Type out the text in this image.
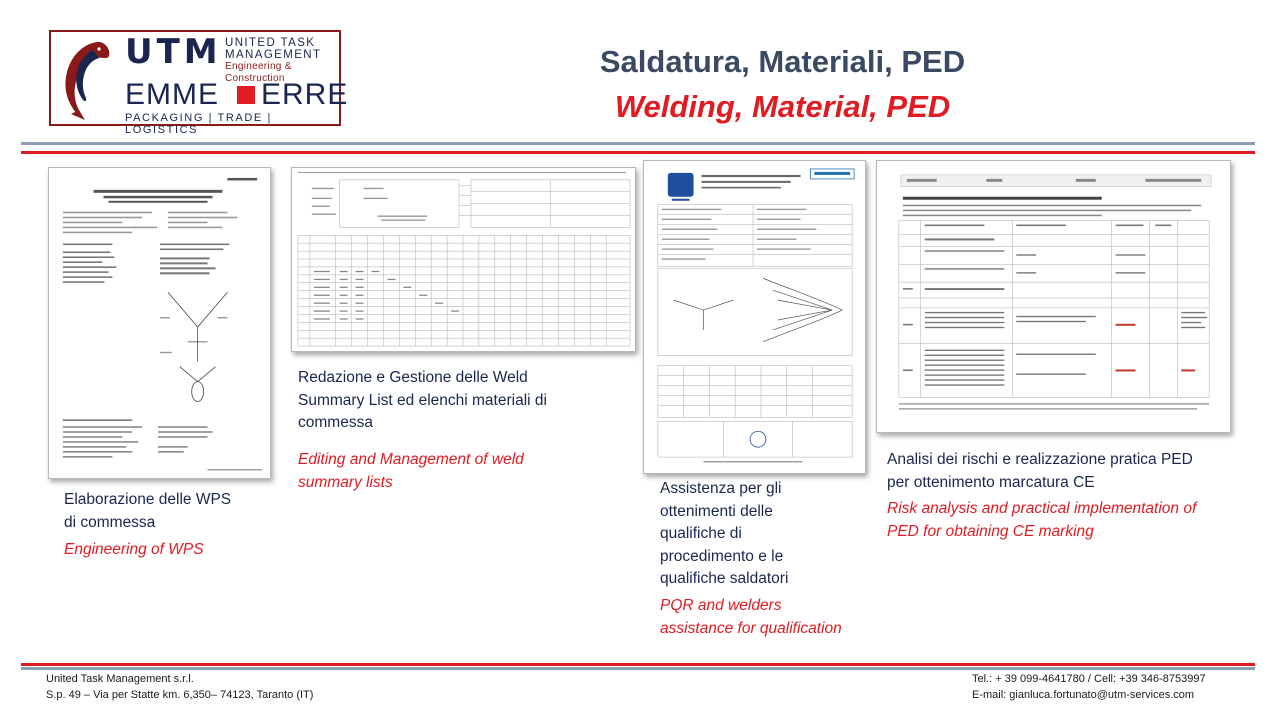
UTM UNITED TASK
MANAGEMENT
Engineering & Construction
EMME ERRE
PACKAGING | TRADE | LOGISTICS
Saldatura, Materiali, PED
Welding, Material, PED
Elaborazione delle WPS
di commessa
Engineering of WPS
Redazione e Gestione delle Weld
Summary List ed elenchi materiali di
commessa
Editing and Management of weld
summary lists	Assistenza per gli
ottenimenti delle
qualifiche di
procedimento e le
qualifiche saldatori
PQR and welders
assistance for qualification
Analisi dei rischi e realizzazione pratica PED
per ottenimento marcatura CE
Risk analysis and practical implementation of
PED for obtaining CE marking
United Task Management s.r.l.
S.p. 49 – Via per Statte km. 6,350– 74123, Taranto (IT)
Tel.: + 39 099-4641780 / Cell: +39 346-8753997
E-mail: gianluca.fortunato@utm-services.com
